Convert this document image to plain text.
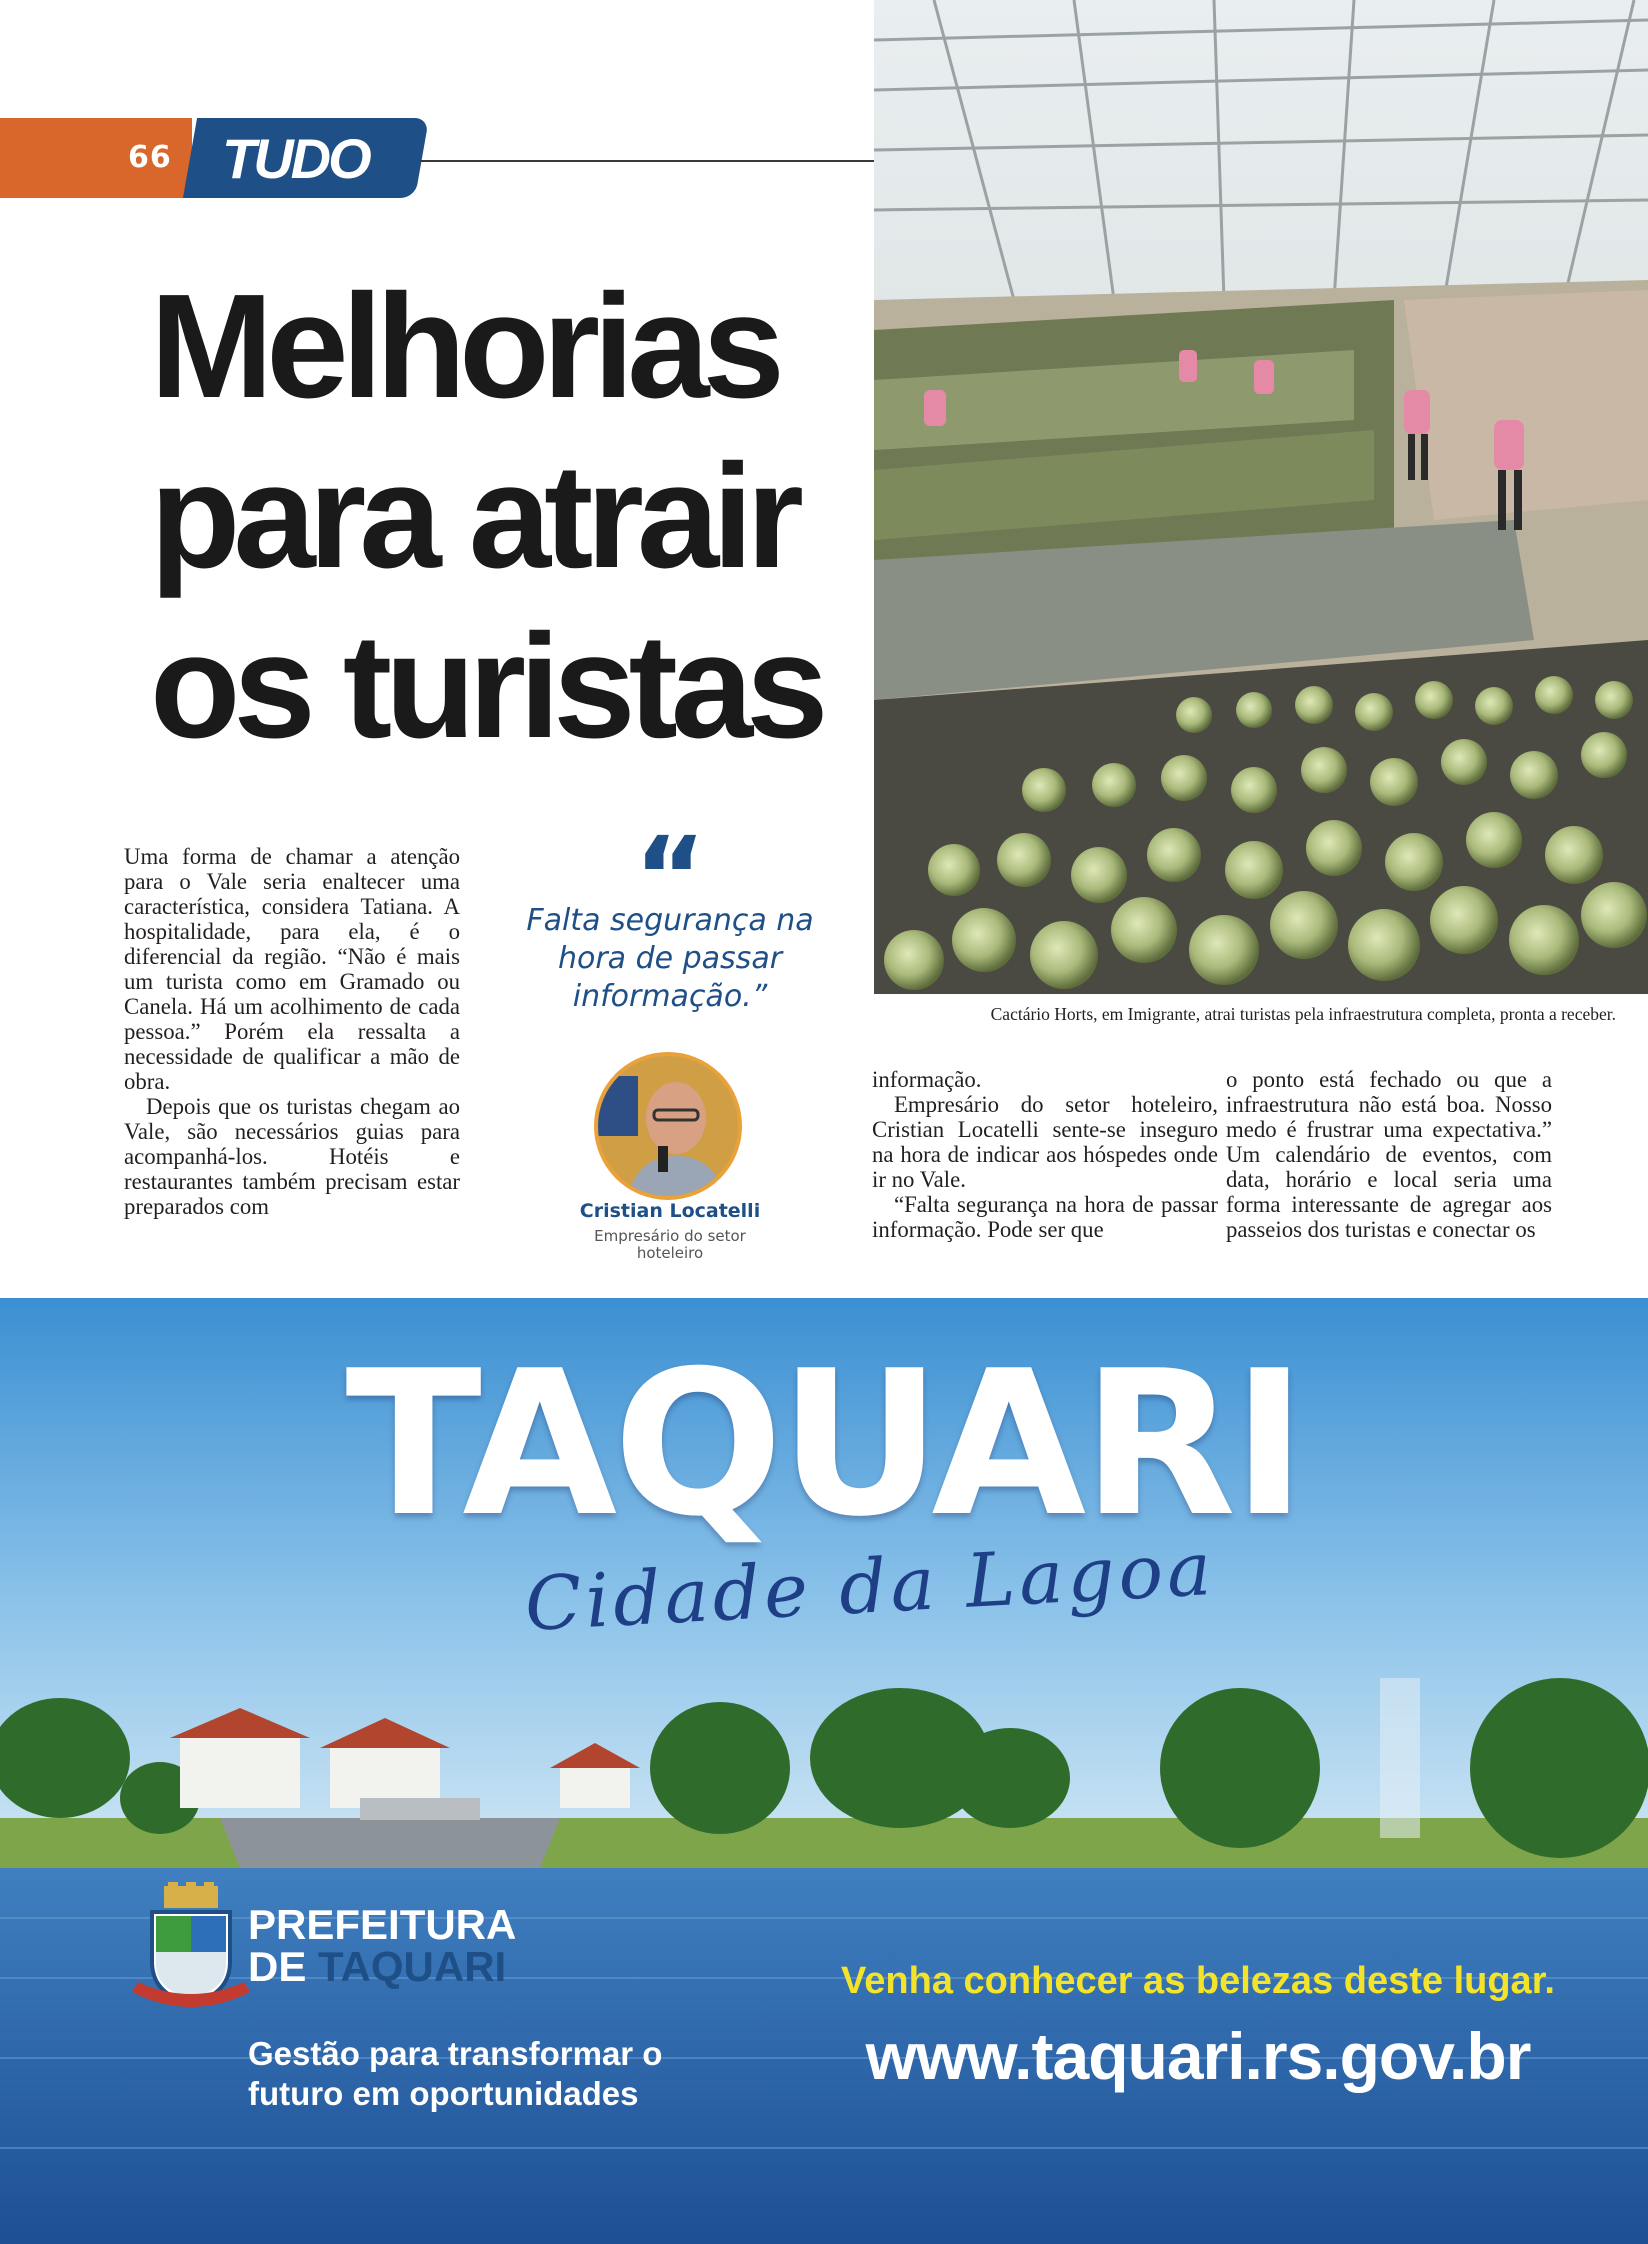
66 TUDO
Melhorias
para atrair
os turistas
Cactário Horts, em Imigrante, atrai turistas pela infraestrutura completa, pronta a receber.

Uma forma de chamar a atenção para o Vale seria enaltecer uma característica, considera Tatiana. A hospitalidade, para ela, é o diferencial da região. “Não é mais um turista como em Gramado ou Canela. Há um acolhimento de cada pessoa.” Porém ela ressalta a necessidade de qualificar a mão de obra.

Depois que os turistas chegam ao Vale, são necessários guias para acompanhá-los. Hotéis e restaurantes também precisam estar preparados com

“
Falta segurança na hora de passar informação.”
Cristian Locatelli
Empresário do setor hoteleiro

informação.

Empresário do setor hoteleiro, Cristian Locatelli sente-se inseguro na hora de indicar aos hóspedes onde ir no Vale.

“Falta segurança na hora de passar informação. Pode ser que

o ponto está fechado ou que a infraestrutura não está boa. Nosso medo é frustrar uma expectativa.” Um calendário de eventos, com data, horário e local seria uma forma interessante de agregar aos passeios dos turistas e conectar os

TAQUARI
Cidade da Lagoa
PREFEITURA
DE TAQUARI
Gestão para transformar o futuro em oportunidades
Venha conhecer as belezas deste lugar.
www.taquari.rs.gov.br
